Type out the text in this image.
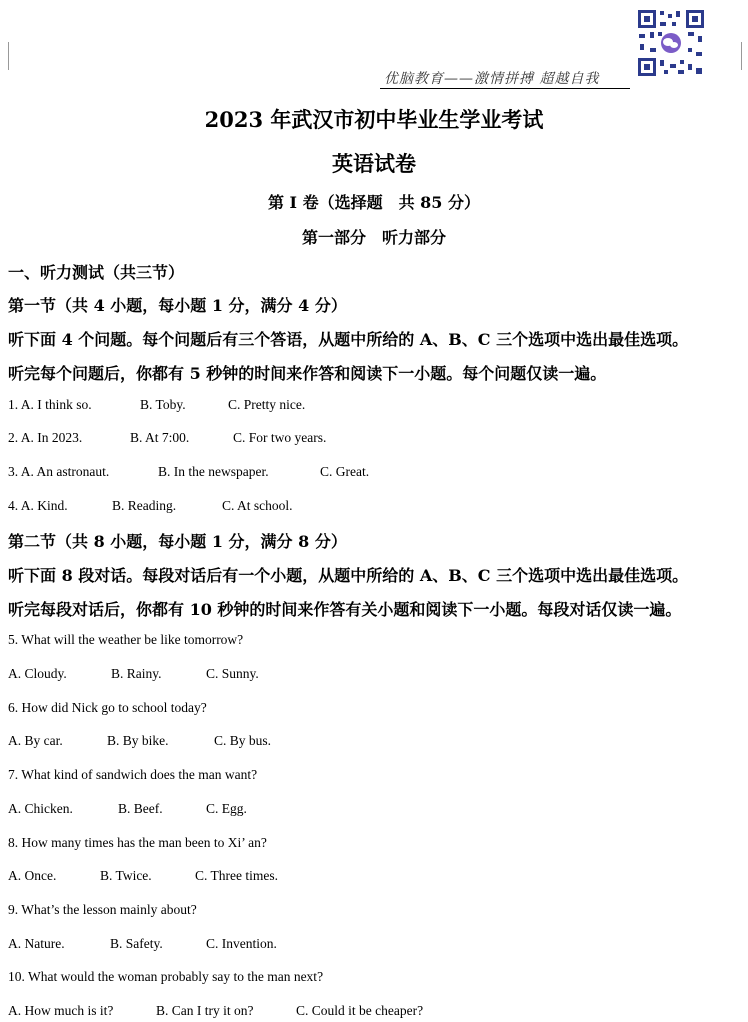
优脑教育——激情拼搏 超越自我
2023 年武汉市初中毕业生学业考试
英语试卷
第 I 卷（选择题　共 85 分）
第一部分　听力部分
一、听力测试（共三节）
第一节（共 4 小题，每小题 1 分，满分 4 分）
听下面 4 个问题。每个问题后有三个答语，从题中所给的 A、B、C 三个选项中选出最佳选项。
听完每个问题后，你都有 5 秒钟的时间来作答和阅读下一小题。每个问题仅读一遍。
1. A. I think so.	B. Toby.	C. Pretty nice.
2. A. In 2023.	B. At 7:00.	C. For two years.
3. A. An astronaut.	B. In the newspaper.	C. Great.
4. A. Kind.	B. Reading.	C. At school.
第二节（共 8 小题，每小题 1 分，满分 8 分）
听下面 8 段对话。每段对话后有一个小题，从题中所给的 A、B、C 三个选项中选出最佳选项。
听完每段对话后，你都有 10 秒钟的时间来作答有关小题和阅读下一小题。每段对话仅读一遍。
5. What will the weather be like tomorrow?
A. Cloudy.	B. Rainy.	C. Sunny.
6. How did Nick go to school today?
A. By car.	B. By bike.	C. By bus.
7. What kind of sandwich does the man want?
A. Chicken.	B. Beef.	C. Egg.
8. How many times has the man been to Xi’ an?
A. Once.	B. Twice.	C. Three times.
9. What’s the lesson mainly about?
A. Nature.	B. Safety.	C. Invention.
10. What would the woman probably say to the man next?
A. How much is it?	B. Can I try it on?	C. Could it be cheaper?
